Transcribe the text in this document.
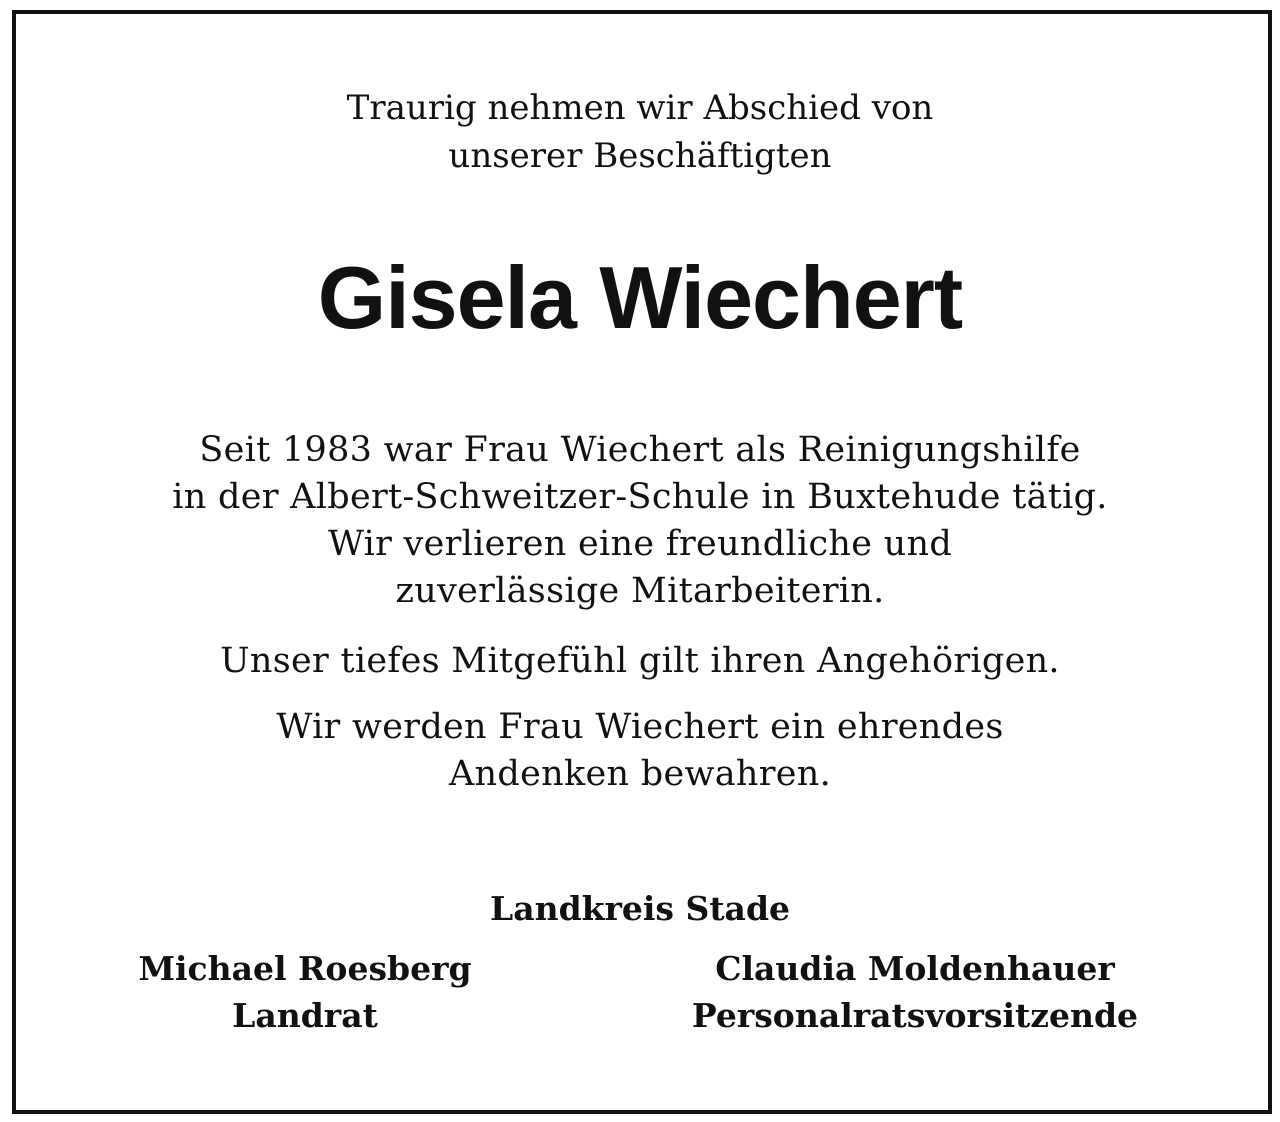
Traurig nehmen wir Abschied von
unserer Beschäftigten
Gisela Wiechert
Seit 1983 war Frau Wiechert als Reinigungshilfe
in der Albert-Schweitzer-Schule in Buxtehude tätig.
Wir verlieren eine freundliche und
zuverlässige Mitarbeiterin.
Unser tiefes Mitgefühl gilt ihren Angehörigen.
Wir werden Frau Wiechert ein ehrendes
Andenken bewahren.
Landkreis Stade
Michael Roesberg
Landrat
Claudia Moldenhauer
Personalratsvorsitzende
